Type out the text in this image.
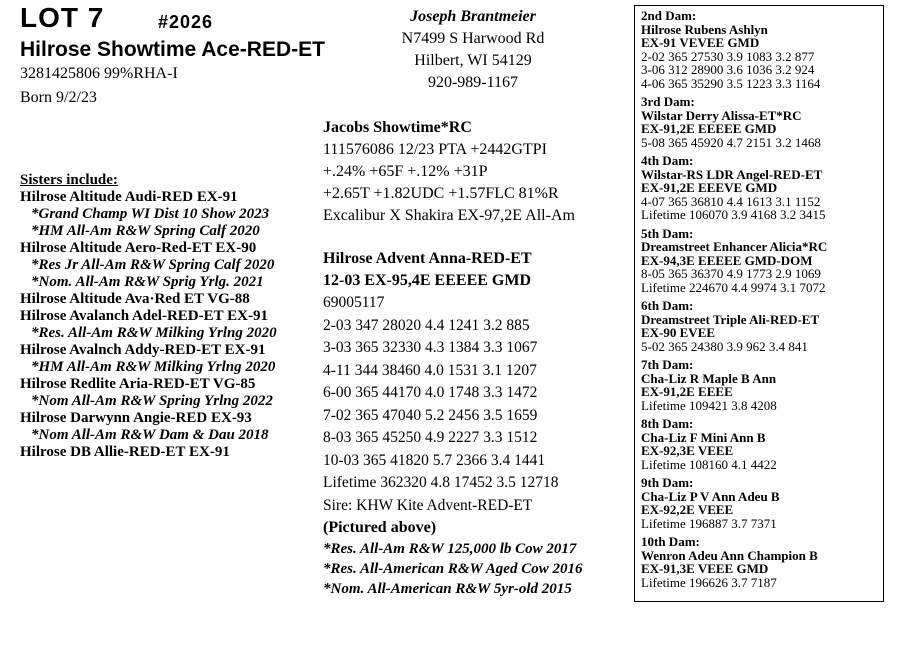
LOT 7	#2026
Hilrose Showtime Ace-RED-ET
3281425806 99%RHA-I
Born 9/2/23
Sisters include:
Hilrose Altitude Audi-RED EX-91
*Grand Champ WI Dist 10 Show 2023
*HM All-Am R&W Spring Calf 2020
Hilrose Altitude Aero-Red-ET EX-90
*Res Jr All-Am R&W Spring Calf 2020
*Nom. All-Am R&W Sprig Yrlg. 2021
Hilrose Altitude Ava·Red ET VG-88
Hilrose Avalanch Adel-RED-ET EX-91
*Res. All-Am R&W Milking Yrlng 2020
Hilrose Avalnch Addy-RED-ET EX-91
*HM All-Am R&W Milking Yrlng 2020
Hilrose Redlite Aria-RED-ET VG-85
*Nom All-Am R&W Spring Yrlng 2022
Hilrose Darwynn Angie-RED EX-93
*Nom All-Am R&W Dam & Dau 2018
Hilrose DB Allie-RED-ET EX-91
Joseph Brantmeier
N7499 S Harwood Rd
Hilbert, WI 54129
920-989-1167
Jacobs Showtime*RC
111576086 12/23 PTA +2442GTPI
+.24% +65F +.12% +31P
+2.65T +1.82UDC +1.57FLC 81%R
Excalibur X Shakira EX-97,2E All-Am
Hilrose Advent Anna-RED-ET
12-03 EX-95,4E EEEEE GMD
69005117
2-03 347 28020 4.4 1241 3.2 885
3-03 365 32330 4.3 1384 3.3 1067
4-11 344 38460 4.0 1531 3.1 1207
6-00 365 44170 4.0 1748 3.3 1472
7-02 365 47040 5.2 2456 3.5 1659
8-03 365 45250 4.9 2227 3.3 1512
10-03 365 41820 5.7 2366 3.4 1441
Lifetime 362320 4.8 17452 3.5 12718
Sire: KHW Kite Advent-RED-ET
(Pictured above)
*Res. All-Am R&W 125,000 lb Cow 2017
*Res. All-American R&W Aged Cow 2016
*Nom. All-American R&W 5yr-old 2015
2nd Dam:
Hilrose Rubens Ashlyn
EX-91 VEVEE GMD
2-02 365 27530 3.9 1083 3.2 877
3-06 312 28900 3.6 1036 3.2 924
4-06 365 35290 3.5 1223 3.3 1164
3rd Dam:
Wilstar Derry Alissa-ET*RC
EX-91,2E EEEEE GMD
5-08 365 45920 4.7 2151 3.2 1468
4th Dam:
Wilstar-RS LDR Angel-RED-ET
EX-91,2E EEEVE GMD
4-07 365 36810 4.4 1613 3.1 1152
Lifetime 106070 3.9 4168 3.2 3415
5th Dam:
Dreamstreet Enhancer Alicia*RC
EX-94,3E EEEEE GMD-DOM
8-05 365 36370 4.9 1773 2.9 1069
Lifetime 224670 4.4 9974 3.1 7072
6th Dam:
Dreamstreet Triple Ali-RED-ET
EX-90 EVEE
5-02 365 24380 3.9 962 3.4 841
7th Dam:
Cha-Liz R Maple B Ann
EX-91,2E EEEE
Lifetime 109421 3.8 4208
8th Dam:
Cha-Liz F Mini Ann B
EX-92,3E VEEE
Lifetime 108160 4.1 4422
9th Dam:
Cha-Liz P V Ann Adeu B
EX-92,2E VEEE
Lifetime 196887 3.7 7371
10th Dam:
Wenron Adeu Ann Champion B
EX-91,3E VEEE GMD
Lifetime 196626 3.7 7187
